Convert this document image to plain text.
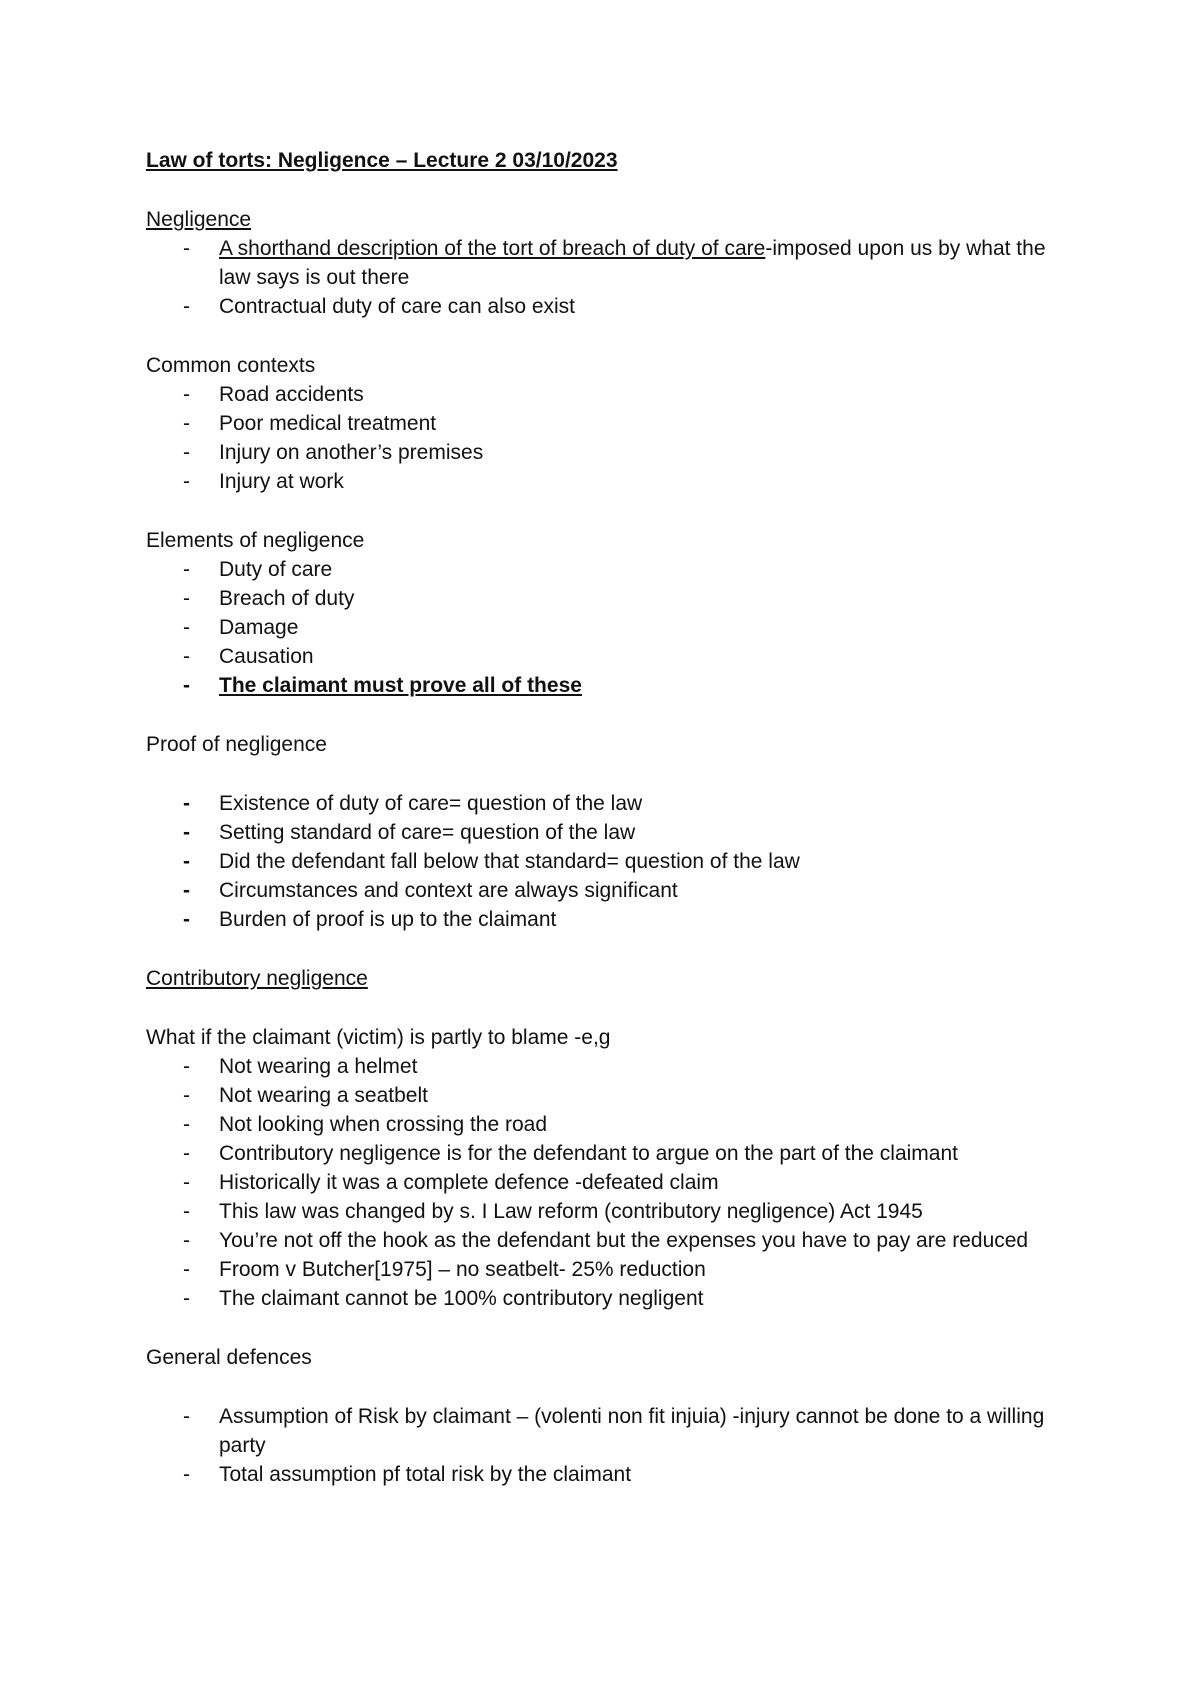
Law of torts: Negligence – Lecture 2 03/10/2023

Negligence

- A shorthand description of the tort of breach of duty of care-imposed upon us by what the law says is out there
- Contractual duty of care can also exist

Common contexts

- Road accidents
- Poor medical treatment
- Injury on another’s premises
- Injury at work

Elements of negligence

- Duty of care
- Breach of duty
- Damage
- Causation
- The claimant must prove all of these

Proof of negligence

- Existence of duty of care= question of the law
- Setting standard of care= question of the law
- Did the defendant fall below that standard= question of the law
- Circumstances and context are always significant
- Burden of proof is up to the claimant

Contributory negligence

What if the claimant (victim) is partly to blame -e,g

- Not wearing a helmet
- Not wearing a seatbelt
- Not looking when crossing the road
- Contributory negligence is for the defendant to argue on the part of the claimant
- Historically it was a complete defence -defeated claim
- This law was changed by s. I Law reform (contributory negligence) Act 1945
- You’re not off the hook as the defendant but the expenses you have to pay are reduced
- Froom v Butcher[1975] – no seatbelt- 25% reduction
- The claimant cannot be 100% contributory negligent

General defences

- Assumption of Risk by claimant – (volenti non fit injuia) -injury cannot be done to a willing party
- Total assumption pf total risk by the claimant
